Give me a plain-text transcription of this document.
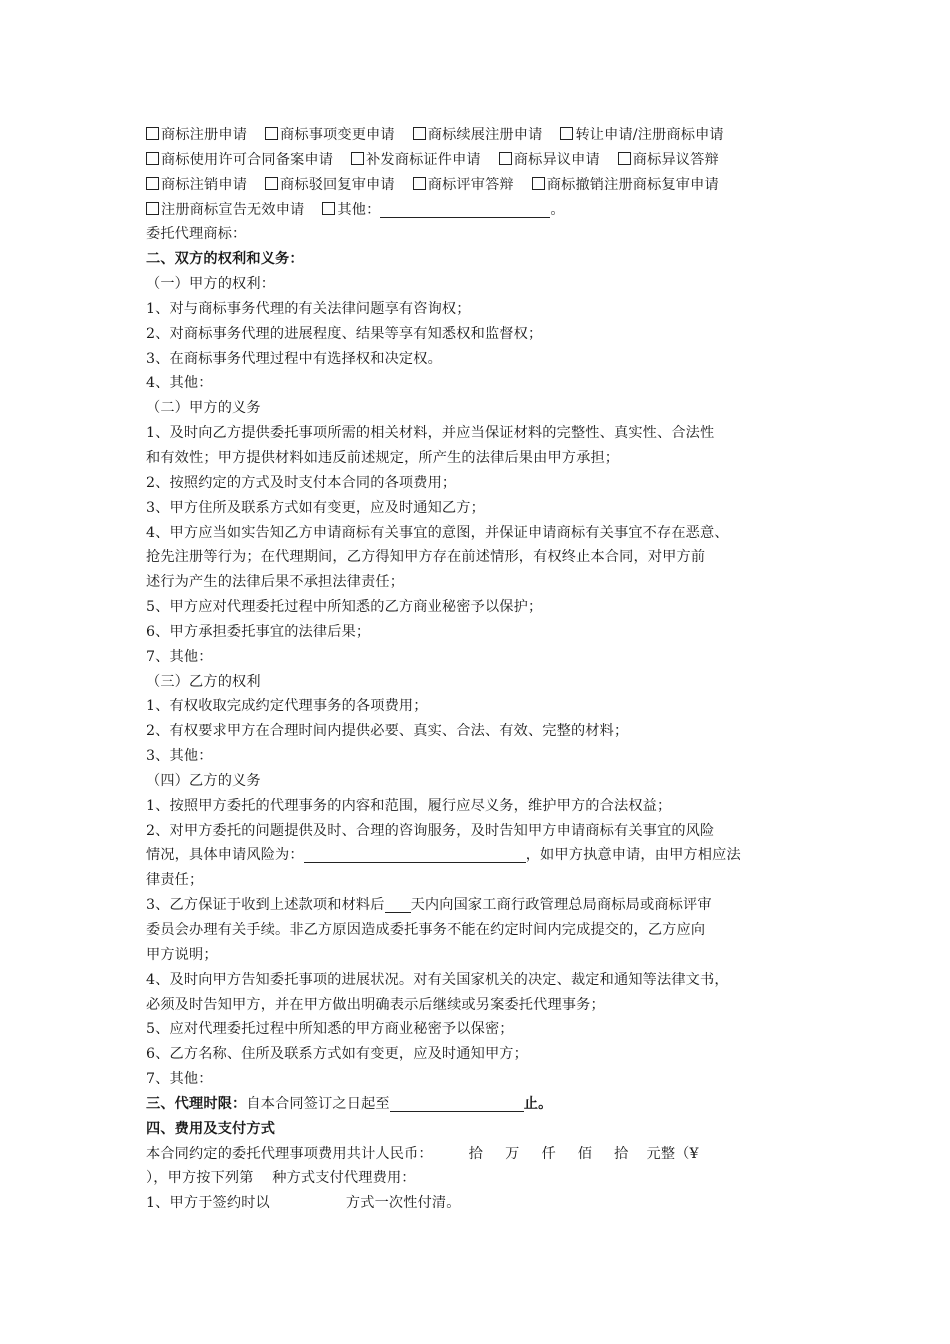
商标注册申请 商标事项变更申请 商标续展注册申请 转让申请/注册商标申请
商标使用许可合同备案申请 补发商标证件申请 商标异议申请 商标异议答辩
商标注销申请 商标驳回复审申请 商标评审答辩 商标撤销注册商标复审申请
注册商标宣告无效申请 其他：	。
委托代理商标：
二、双方的权利和义务：
（一）甲方的权利：
1、对与商标事务代理的有关法律问题享有咨询权；
2、对商标事务代理的进展程度、结果等享有知悉权和监督权；
3、在商标事务代理过程中有选择权和决定权。
4、其他：
（二）甲方的义务
1、及时向乙方提供委托事项所需的相关材料，并应当保证材料的完整性、真实性、合法性
和有效性；甲方提供材料如违反前述规定，所产生的法律后果由甲方承担；
2、按照约定的方式及时支付本合同的各项费用；
3、甲方住所及联系方式如有变更，应及时通知乙方；
4、甲方应当如实告知乙方申请商标有关事宜的意图，并保证申请商标有关事宜不存在恶意、
抢先注册等行为；在代理期间，乙方得知甲方存在前述情形，有权终止本合同，对甲方前
述行为产生的法律后果不承担法律责任；
5、甲方应对代理委托过程中所知悉的乙方商业秘密予以保护；
6、甲方承担委托事宜的法律后果；
7、其他：
（三）乙方的权利
1、有权收取完成约定代理事务的各项费用；
2、有权要求甲方在合理时间内提供必要、真实、合法、有效、完整的材料；
3、其他：
（四）乙方的义务
1、按照甲方委托的代理事务的内容和范围，履行应尽义务，维护甲方的合法权益；
2、对甲方委托的问题提供及时、合理的咨询服务，及时告知甲方申请商标有关事宜的风险
情况，具体申请风险为：	，如甲方执意申请，由甲方相应法
律责任；
3、乙方保证于收到上述款项和材料后 天内向国家工商行政管理总局商标局或商标评审
委员会办理有关手续。非乙方原因造成委托事务不能在约定时间内完成提交的，乙方应向
甲方说明；
4、及时向甲方告知委托事项的进展状况。对有关国家机关的决定、裁定和通知等法律文书，
必须及时告知甲方，并在甲方做出明确表示后继续或另案委托代理事务；
5、应对代理委托过程中所知悉的甲方商业秘密予以保密；
6、乙方名称、住所及联系方式如有变更，应及时通知甲方；
7、其他：
三、代理时限：自本合同签订之日起至	止。
四、费用及支付方式
本合同约定的委托代理事项费用共计人民币：	拾 万 仟 佰 拾 元整（¥
），甲方按下列第    种方式支付代理费用：
1、甲方于签约时以	方式一次性付清。
